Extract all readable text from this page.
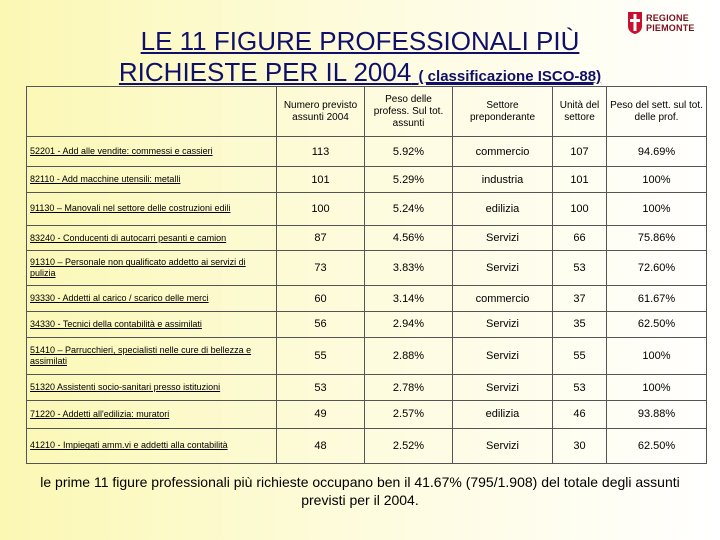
REGIONE
PIEMONTE
LE 11 FIGURE PROFESSIONALI PIÙ
RICHIESTE PER IL 2004 ( classificazione ISCO-88)
	Numero previsto assunti 2004	Peso delle profess. Sul tot. assunti	Settore preponderante	Unità del settore	Peso del sett. sul tot. delle prof.
52201 - Add alle vendite: commessi e cassieri	113	5.92%	commercio	107	94.69%
82110 - Add macchine utensili: metalli	101	5.29%	industria	101	100%
91130 – Manovali nel settore delle costruzioni edili	100	5.24%	edilizia	100	100%
83240 - Conducenti di autocarri pesanti e camion	87	4.56%	Servizi	66	75.86%
91310 – Personale non qualificato addetto ai servizi di pulizia	73	3.83%	Servizi	53	72.60%
93330 - Addetti al carico / scarico delle merci	60	3.14%	commercio	37	61.67%
34330 - Tecnici della contabilità e assimilati	56	2.94%	Servizi	35	62.50%
51410 – Parrucchieri, specialisti nelle cure di bellezza e assimilati	55	2.88%	Servizi	55	100%
51320 Assistenti socio-sanitari presso istituzioni	53	2.78%	Servizi	53	100%
71220 - Addetti all'edilizia: muratori	49	2.57%	edilizia	46	93.88%
41210 - Impiegati amm.vi e addetti alla contabilità	48	2.52%	Servizi	30	62.50%
le prime 11 figure professionali più richieste occupano ben il 41.67% (795/1.908) del totale degli assunti previsti per il 2004.
